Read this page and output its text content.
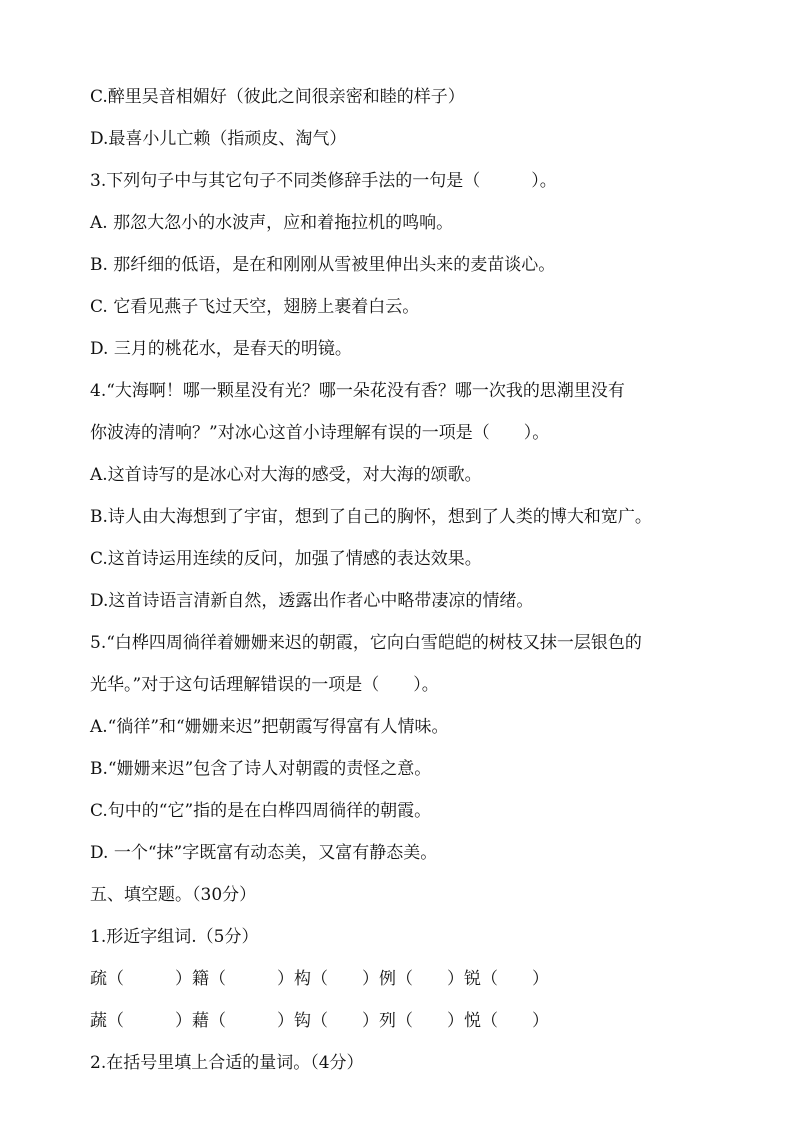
C.醉里吴音相媚好（彼此之间很亲密和睦的样子）
D.最喜小儿亡赖（指顽皮、淘气）
3.下列句子中与其它句子不同类修辞手法的一句是（　　　）。
A. 那忽大忽小的水波声，应和着拖拉机的鸣响。
B. 那纤细的低语，是在和刚刚从雪被里伸出头来的麦苗谈心。
C. 它看见燕子飞过天空，翅膀上裹着白云。
D. 三月的桃花水，是春天的明镜。
4.“大海啊！哪一颗星没有光？哪一朵花没有香？哪一次我的思潮里没有
你波涛的清响？”对冰心这首小诗理解有误的一项是（　　）。
A.这首诗写的是冰心对大海的感受，对大海的颂歌。
B.诗人由大海想到了宇宙，想到了自己的胸怀，想到了人类的博大和宽广。
C.这首诗运用连续的反问，加强了情感的表达效果。
D.这首诗语言清新自然，透露出作者心中略带凄凉的情绪。
5.“白桦四周徜徉着姗姗来迟的朝霞，它向白雪皑皑的树枝又抹一层银色的
光华。”对于这句话理解错误的一项是（　　）。
A.“徜徉”和“姗姗来迟”把朝霞写得富有人情味。
B.“姗姗来迟”包含了诗人对朝霞的责怪之意。
C.句中的“它”指的是在白桦四周徜徉的朝霞。
D. 一个“抹”字既富有动态美，又富有静态美。
五、填空题。（30分）
1.形近字组词.（5分）
疏（　　　）籍（　　　）构（　　）例（　　）锐（　　）
蔬（　　　）藉（　　　）钩（　　）列（　　）悦（　　）
2.在括号里填上合适的量词。（4分）
